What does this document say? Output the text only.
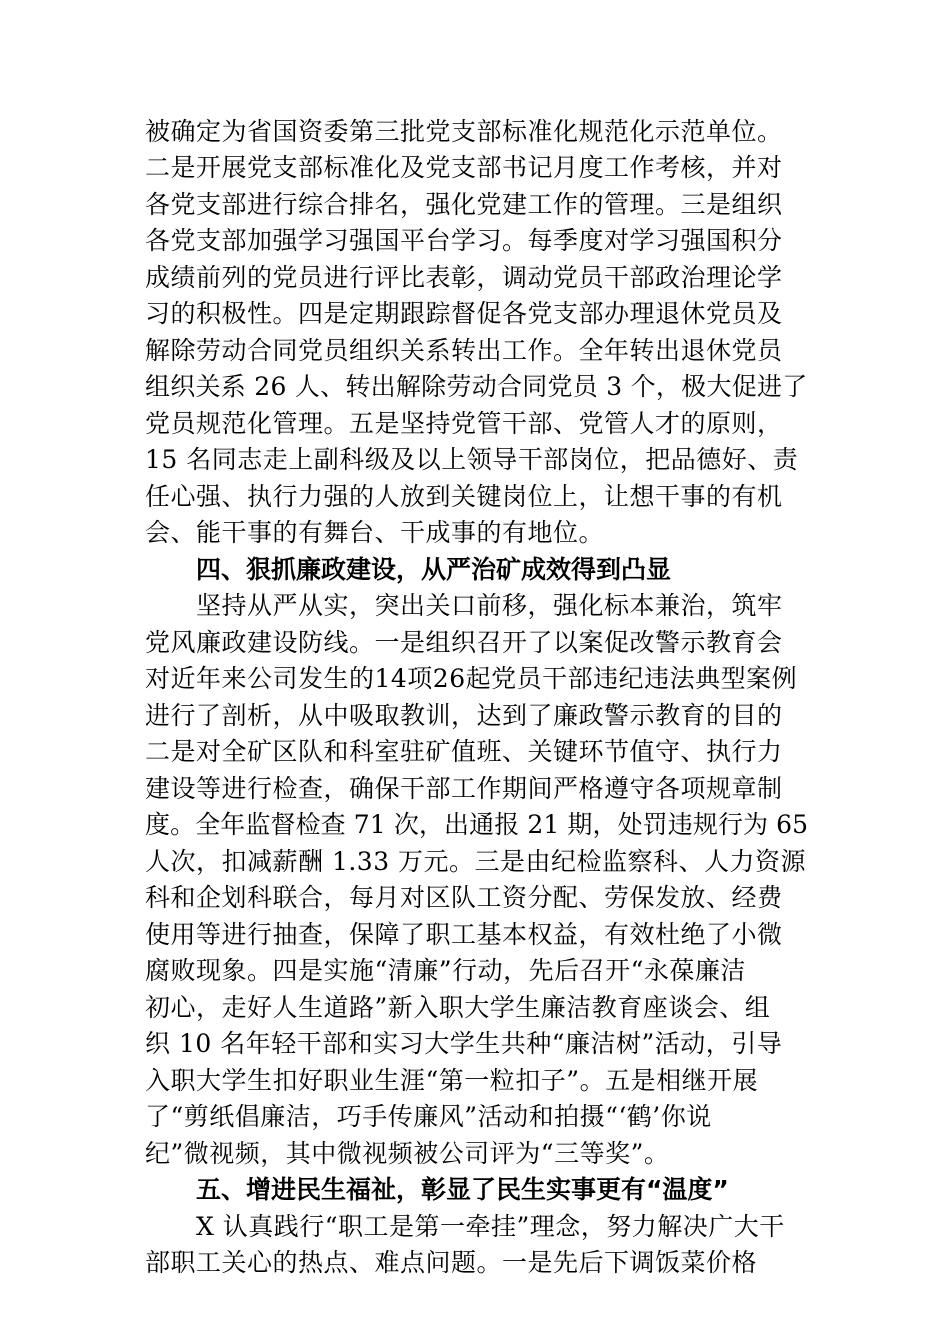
被确定为省国资委第三批党支部标准化规范化示范单位。
二是开展党支部标准化及党支部书记月度工作考核，并对
各党支部进行综合排名，强化党建工作的管理。三是组织
各党支部加强学习强国平台学习。每季度对学习强国积分
成绩前列的党员进行评比表彰，调动党员干部政治理论学
习的积极性。四是定期跟踪督促各党支部办理退休党员及
解除劳动合同党员组织关系转出工作。全年转出退休党员
组织关系 26 人、转出解除劳动合同党员 3 个，极大促进了
党员规范化管理。五是坚持党管干部、党管人才的原则，
15 名同志走上副科级及以上领导干部岗位，把品德好、责
任心强、执行力强的人放到关键岗位上，让想干事的有机
会、能干事的有舞台、干成事的有地位。
四、狠抓廉政建设，从严治矿成效得到凸显
坚持从严从实，突出关口前移，强化标本兼治，筑牢
党风廉政建设防线。一是组织召开了以案促改警示教育会
对近年来公司发生的14项26起党员干部违纪违法典型案例
进行了剖析，从中吸取教训，达到了廉政警示教育的目的
二是对全矿区队和科室驻矿值班、关键环节值守、执行力
建设等进行检查，确保干部工作期间严格遵守各项规章制
度。全年监督检查 71 次，出通报 21 期，处罚违规行为 65
人次，扣减薪酬 1.33 万元。三是由纪检监察科、人力资源
科和企划科联合，每月对区队工资分配、劳保发放、经费
使用等进行抽查，保障了职工基本权益，有效杜绝了小微
腐败现象。四是实施“清廉”行动，先后召开“永葆廉洁
初心，走好人生道路”新入职大学生廉洁教育座谈会、组
织 10 名年轻干部和实习大学生共种“廉洁树”活动，引导
入职大学生扣好职业生涯“第一粒扣子”。五是相继开展
了“剪纸倡廉洁，巧手传廉风”活动和拍摄“‘鹤’你说
纪”微视频，其中微视频被公司评为“三等奖”。
五、增进民生福祉，彰显了民生实事更有“温度”
X 认真践行“职工是第一牵挂”理念，努力解决广大干
部职工关心的热点、难点问题。一是先后下调饭菜价格
